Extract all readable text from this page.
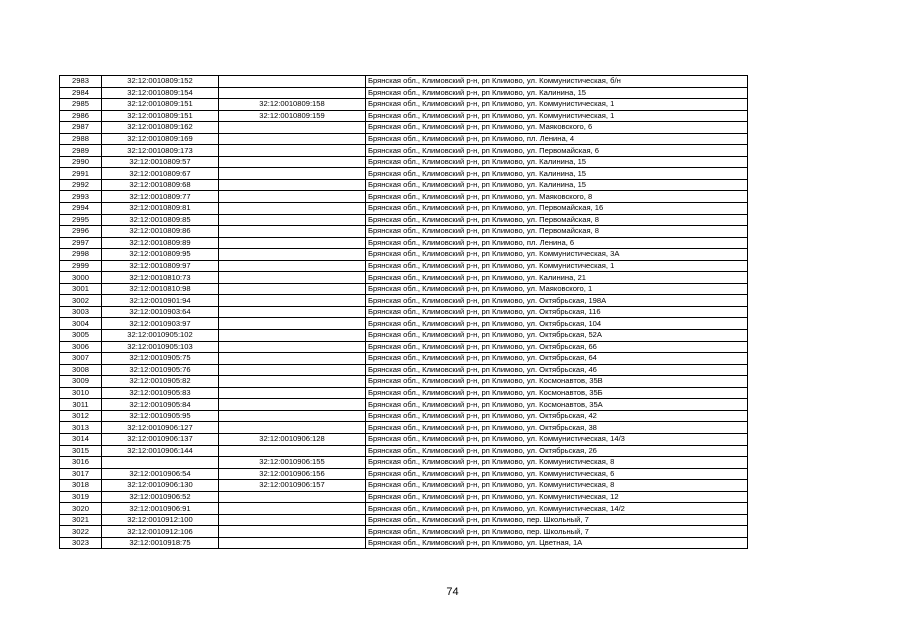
2983	32:12:0010809:152		Брянская обл., Климовский р-н, рп Климово, ул. Коммунистическая, б/н
2984	32:12:0010809:154		Брянская обл., Климовский р-н, рп Климово, ул. Калинина, 15
2985	32:12:0010809:151	32:12:0010809:158	Брянская обл., Климовский р-н, рп Климово, ул. Коммунистическая, 1
2986	32:12:0010809:151	32:12:0010809:159	Брянская обл., Климовский р-н, рп Климово, ул. Коммунистическая, 1
2987	32:12:0010809:162		Брянская обл., Климовский р-н, рп Климово, ул. Маяковского, 6
2988	32:12:0010809:169		Брянская обл., Климовский р-н, рп Климово, пл. Ленина, 4
2989	32:12:0010809:173		Брянская обл., Климовский р-н, рп Климово, ул. Первомайская, 6
2990	32:12:0010809:57		Брянская обл., Климовский р-н, рп Климово, ул. Калинина, 15
2991	32:12:0010809:67		Брянская обл., Климовский р-н, рп Климово, ул. Калинина, 15
2992	32:12:0010809:68		Брянская обл., Климовский р-н, рп Климово, ул. Калинина, 15
2993	32:12:0010809:77		Брянская обл., Климовский р-н, рп Климово, ул. Маяковского, 8
2994	32:12:0010809:81		Брянская обл., Климовский р-н, рп Климово, ул. Первомайская, 16
2995	32:12:0010809:85		Брянская обл., Климовский р-н, рп Климово, ул. Первомайская, 8
2996	32:12:0010809:86		Брянская обл., Климовский р-н, рп Климово, ул. Первомайская, 8
2997	32:12:0010809:89		Брянская обл., Климовский р-н, рп Климово, пл. Ленина, 6
2998	32:12:0010809:95		Брянская обл., Климовский р-н, рп Климово, ул. Коммунистическая, 3А
2999	32:12:0010809:97		Брянская обл., Климовский р-н, рп Климово, ул. Коммунистическая, 1
3000	32:12:0010810:73		Брянская обл., Климовский р-н, рп Климово, ул. Калинина, 21
3001	32:12:0010810:98		Брянская обл., Климовский р-н, рп Климово, ул. Маяковского, 1
3002	32:12:0010901:94		Брянская обл., Климовский р-н, рп Климово, ул. Октябрьская, 198А
3003	32:12:0010903:64		Брянская обл., Климовский р-н, рп Климово, ул. Октябрьская, 116
3004	32:12:0010903:97		Брянская обл., Климовский р-н, рп Климово, ул. Октябрьская, 104
3005	32:12:0010905:102		Брянская обл., Климовский р-н, рп Климово, ул. Октябрьская, 52А
3006	32:12:0010905:103		Брянская обл., Климовский р-н, рп Климово, ул. Октябрьская, 66
3007	32:12:0010905:75		Брянская обл., Климовский р-н, рп Климово, ул. Октябрьская, 64
3008	32:12:0010905:76		Брянская обл., Климовский р-н, рп Климово, ул. Октябрьская, 46
3009	32:12:0010905:82		Брянская обл., Климовский р-н, рп Климово, ул. Космонавтов, 35В
3010	32:12:0010905:83		Брянская обл., Климовский р-н, рп Климово, ул. Космонавтов, 35Б
3011	32:12:0010905:84		Брянская обл., Климовский р-н, рп Климово, ул. Космонавтов, 35А
3012	32:12:0010905:95		Брянская обл., Климовский р-н, рп Климово, ул. Октябрьская, 42
3013	32:12:0010906:127		Брянская обл., Климовский р-н, рп Климово, ул. Октябрьская, 38
3014	32:12:0010906:137	32:12:0010906:128	Брянская обл., Климовский р-н, рп Климово, ул. Коммунистическая, 14/3
3015	32:12:0010906:144		Брянская обл., Климовский р-н, рп Климово, ул. Октябрьская, 26
3016		32:12:0010906:155	Брянская обл., Климовский р-н, рп Климово, ул. Коммунистическая, 8
3017	32:12:0010906:54	32:12:0010906:156	Брянская обл., Климовский р-н, рп Климово, ул. Коммунистическая, 6
3018	32:12:0010906:130	32:12:0010906:157	Брянская обл., Климовский р-н, рп Климово, ул. Коммунистическая, 8
3019	32:12:0010906:52		Брянская обл., Климовский р-н, рп Климово, ул. Коммунистическая, 12
3020	32:12:0010906:91		Брянская обл., Климовский р-н, рп Климово, ул. Коммунистическая, 14/2
3021	32:12:0010912:100		Брянская обл., Климовский р-н, рп Климово, пер. Школьный, 7
3022	32:12:0010912:106		Брянская обл., Климовский р-н, рп Климово, пер. Школьный, 7
3023	32:12:0010918:75		Брянская обл., Климовский р-н, рп Климово, ул. Цветная, 1А
74
